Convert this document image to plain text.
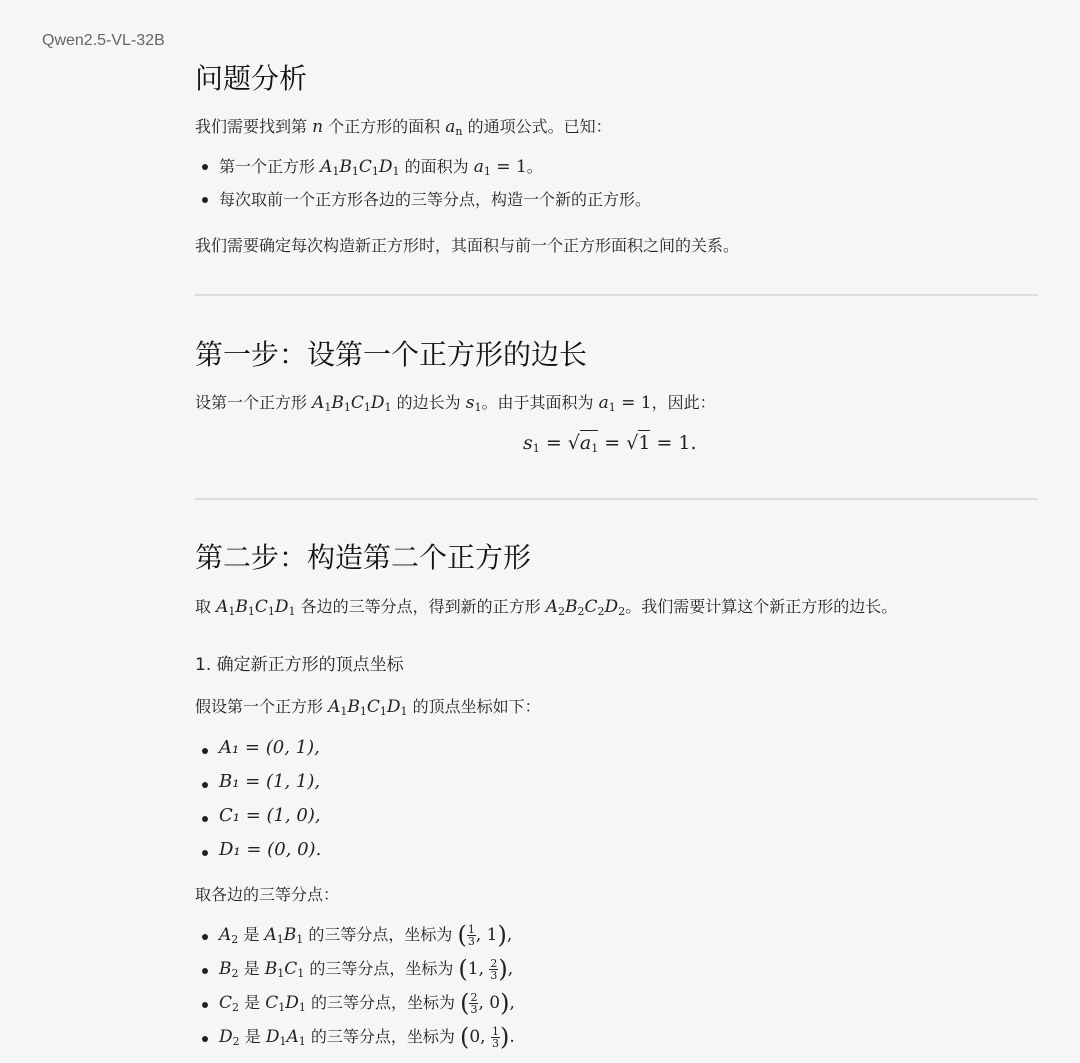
Qwen2.5-VL-32B
问题分析
我们需要找到第 n 个正方形的面积 $a_n$ 的通项公式。已知：
第一个正方形 $A_1B_1C_1D_1$ 的面积为 $a_1 = 1$。
每次取前一个正方形各边的三等分点，构造一个新的正方形。
我们需要确定每次构造新正方形时，其面积与前一个正方形面积之间的关系。
第一步：设第一个正方形的边长
设第一个正方形 $A_1B_1C_1D_1$ 的边长为 $s_1$。由于其面积为 $a_1 = 1$，因此：
$s_1 = √a_1 = √1 = 1$.
第二步：构造第二个正方形
取 $A_1B_1C_1D_1$ 各边的三等分点，得到新的正方形 $A_2B_2C_2D_2$。我们需要计算这个新正方形的边长。
1. 确定新正方形的顶点坐标
假设第一个正方形 $A_1B_1C_1D_1$ 的顶点坐标如下：
A₁ = (0, 1),
B₁ = (1, 1),
C₁ = (1, 0),
D₁ = (0, 0).
取各边的三等分点：
$A_2$ 是 $A_1B_1$ 的三等分点，坐标为 ( $\frac{1}{3}$ , 1),
$B_2$ 是 $B_1C_1$ 的三等分点，坐标为 (1, $\frac{2}{3}$ ),
$C_2$ 是 $C_1D_1$ 的三等分点，坐标为 ( $\frac{2}{3}$ , 0),
$D_2$ 是 $D_1A_1$ 的三等分点，坐标为 (0, $\frac{1}{3}$ ).
